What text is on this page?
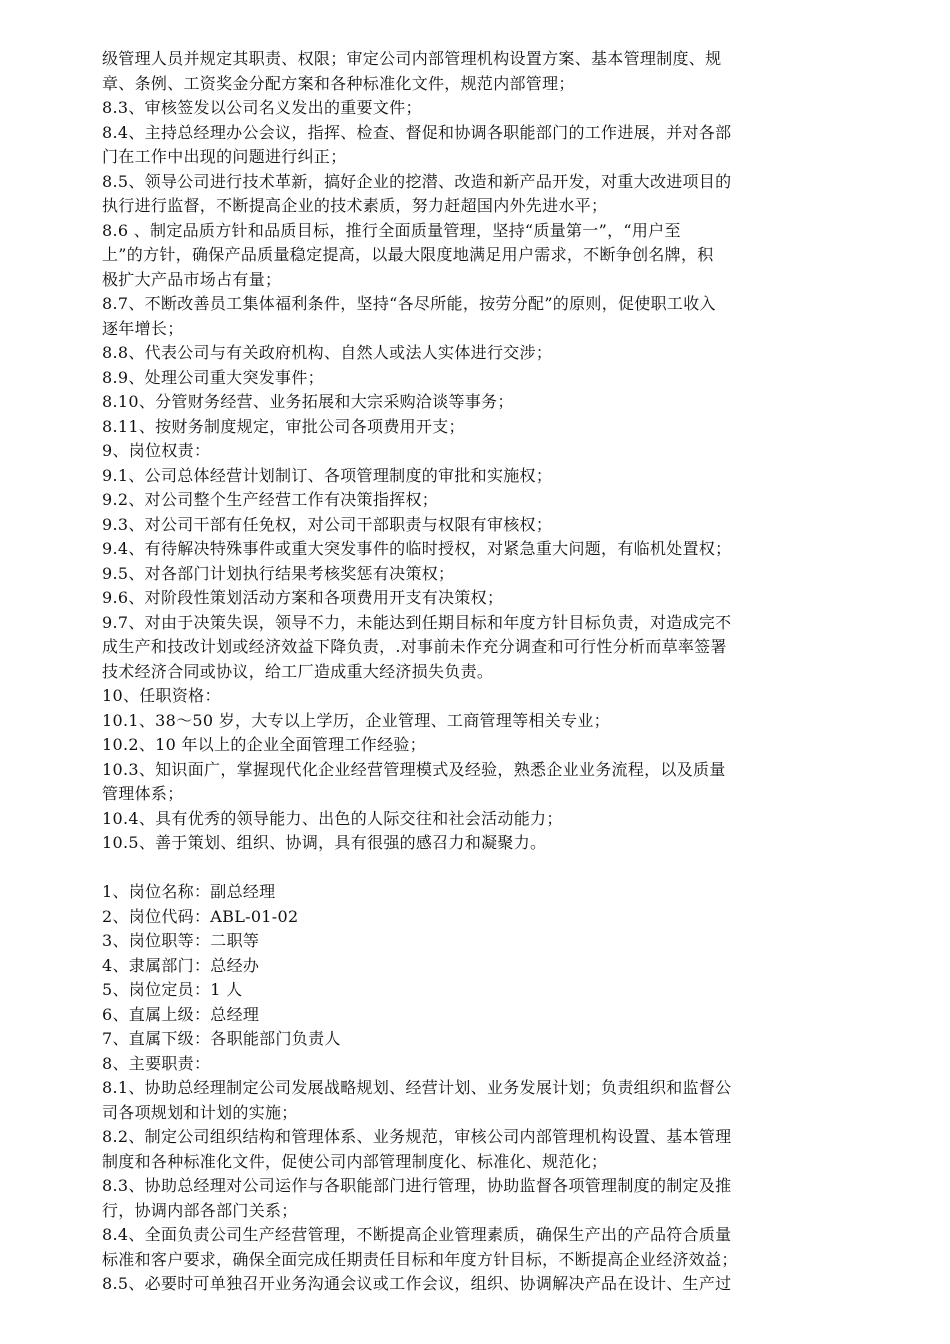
级管理人员并规定其职责、权限；审定公司内部管理机构设置方案、基本管理制度、规
章、条例、工资奖金分配方案和各种标准化文件，规范内部管理；
8.3、审核签发以公司名义发出的重要文件；
8.4、主持总经理办公会议，指挥、检查、督促和协调各职能部门的工作进展，并对各部
门在工作中出现的问题进行纠正；
8.5、领导公司进行技术革新，搞好企业的挖潜、改造和新产品开发，对重大改进项目的
执行进行监督，不断提高企业的技术素质，努力赶超国内外先进水平；
8.6 、制定品质方针和品质目标，推行全面质量管理，坚持“质量第一”，“用户至
上”的方针，确保产品质量稳定提高，以最大限度地满足用户需求，不断争创名牌，积
极扩大产品市场占有量；
8.7、不断改善员工集体福利条件，坚持“各尽所能，按劳分配”的原则，促使职工收入
逐年增长；
8.8、代表公司与有关政府机构、自然人或法人实体进行交涉；
8.9、处理公司重大突发事件；
8.10、分管财务经营、业务拓展和大宗采购洽谈等事务；
8.11、按财务制度规定，审批公司各项费用开支；
9、岗位权责：
9.1、公司总体经营计划制订、各项管理制度的审批和实施权；
9.2、对公司整个生产经营工作有决策指挥权；
9.3、对公司干部有任免权，对公司干部职责与权限有审核权；
9.4、有待解决特殊事件或重大突发事件的临时授权，对紧急重大问题，有临机处置权；
9.5、对各部门计划执行结果考核奖惩有决策权；
9.6、对阶段性策划活动方案和各项费用开支有决策权；
9.7、对由于决策失误，领导不力，未能达到任期目标和年度方针目标负责，对造成完不
成生产和技改计划或经济效益下降负责，.对事前未作充分调查和可行性分析而草率签署
技术经济合同或协议，给工厂造成重大经济损失负责。
10、任职资格：
10.1、38～50 岁，大专以上学历，企业管理、工商管理等相关专业；
10.2、10 年以上的企业全面管理工作经验；
10.3、知识面广，掌握现代化企业经营管理模式及经验，熟悉企业业务流程，以及质量
管理体系；
10.4、具有优秀的领导能力、出色的人际交往和社会活动能力；
10.5、善于策划、组织、协调，具有很强的感召力和凝聚力。
1、岗位名称：副总经理
2、岗位代码：ABL-01-02
3、岗位职等：二职等
4、隶属部门：总经办
5、岗位定员：1 人
6、直属上级：总经理
7、直属下级：各职能部门负责人
8、主要职责：
8.1、协助总经理制定公司发展战略规划、经营计划、业务发展计划；负责组织和监督公
司各项规划和计划的实施；
8.2、制定公司组织结构和管理体系、业务规范，审核公司内部管理机构设置、基本管理
制度和各种标准化文件，促使公司内部管理制度化、标准化、规范化；
8.3、协助总经理对公司运作与各职能部门进行管理，协助监督各项管理制度的制定及推
行，协调内部各部门关系；
8.4、全面负责公司生产经营管理，不断提高企业管理素质，确保生产出的产品符合质量
标准和客户要求，确保全面完成任期责任目标和年度方针目标，不断提高企业经济效益；
8.5、必要时可单独召开业务沟通会议或工作会议，组织、协调解决产品在设计、生产过
